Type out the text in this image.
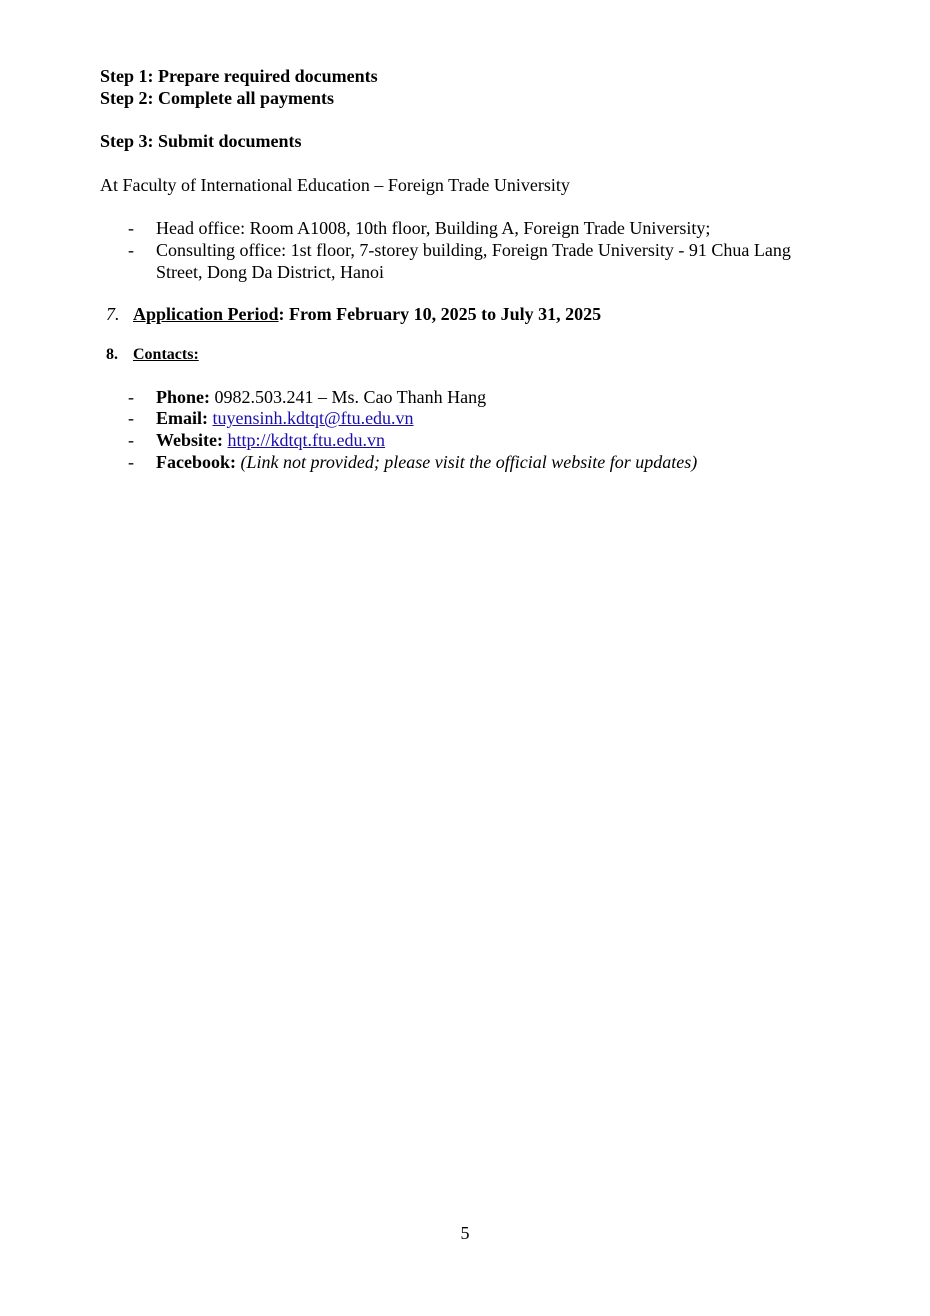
Step 1: Prepare required documents
Step 2: Complete all payments
Step 3: Submit documents
At Faculty of International Education – Foreign Trade University
- Head office: Room A1008, 10th floor, Building A, Foreign Trade University;
- Consulting office: 1st floor, 7-storey building, Foreign Trade University - 91 Chua Lang
Street, Dong Da District, Hanoi
7. Application Period: From February 10, 2025 to July 31, 2025
8. Contacts:
- Phone: 0982.503.241 – Ms. Cao Thanh Hang
- Email: tuyensinh.kdtqt@ftu.edu.vn
- Website: http://kdtqt.ftu.edu.vn
- Facebook: (Link not provided; please visit the official website for updates)
5
